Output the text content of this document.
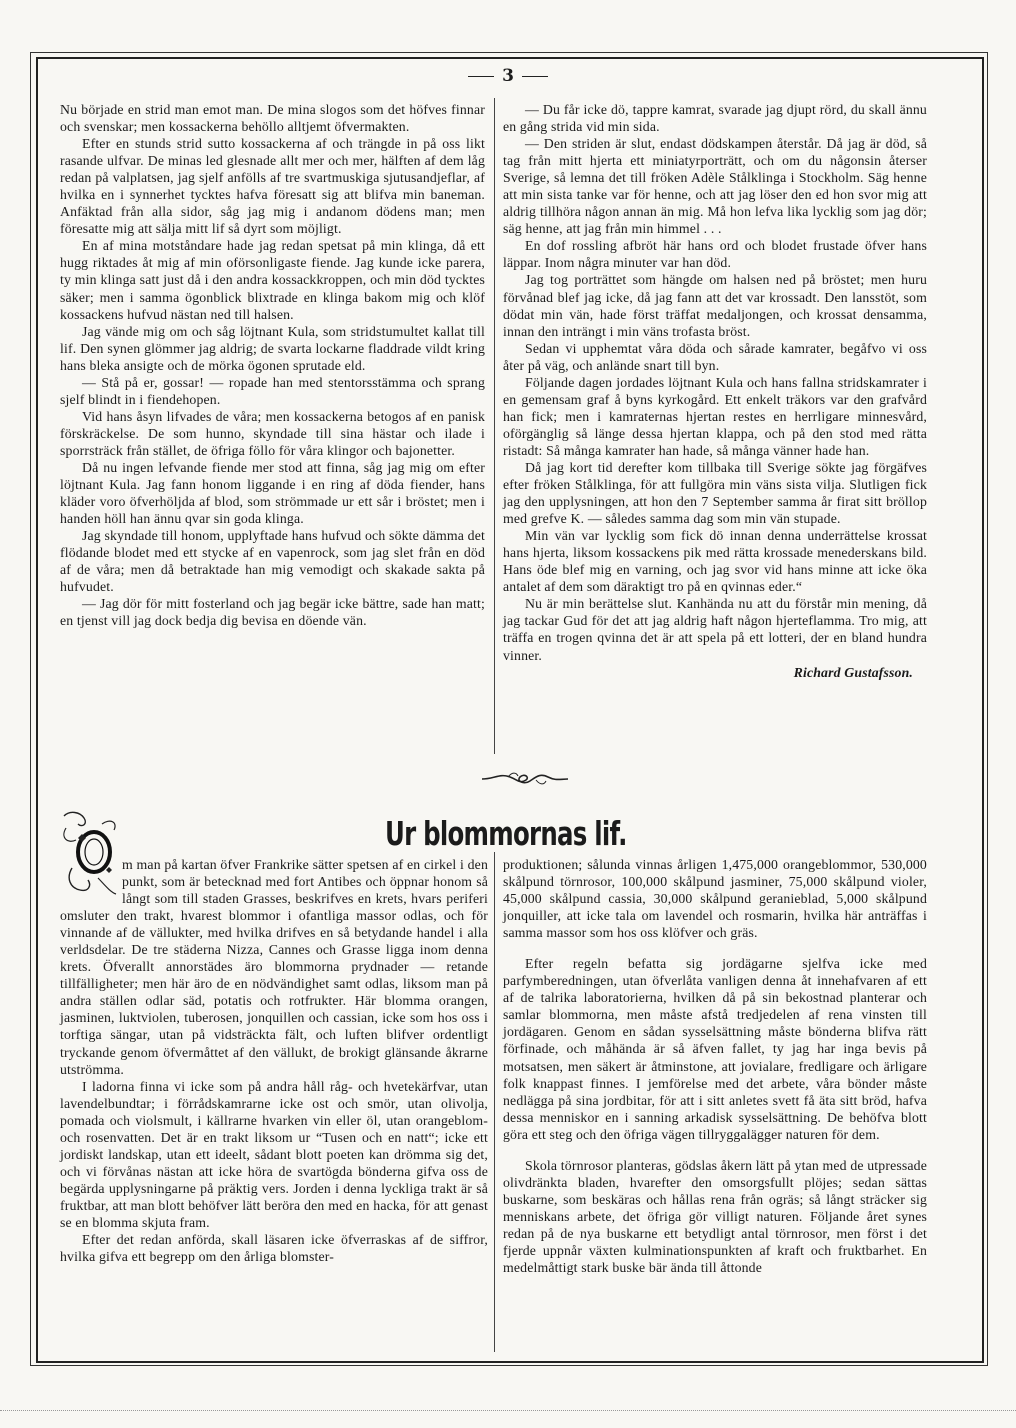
3

Nu började en strid man emot man. De mina slogos som det höfves finnar och svenskar; men kossackerna behöllo alltjemt öfvermakten.

Efter en stunds strid sutto kossackerna af och trängde in på oss likt rasande ulfvar. De minas led glesnade allt mer och mer, hälften af dem låg redan på valplatsen, jag sjelf anfölls af tre svartmuskiga sjutusandjeflar, af hvilka en i synnerhet tycktes hafva föresatt sig att blifva min baneman. Anfäktad från alla sidor, såg jag mig i andanom dödens man; men föresatte mig att sälja mitt lif så dyrt som möjligt.

En af mina motståndare hade jag redan spetsat på min klinga, då ett hugg riktades åt mig af min oförsonligaste fiende. Jag kunde icke parera, ty min klinga satt just då i den andra kossackkroppen, och min död tycktes säker; men i samma ögonblick blixtrade en klinga bakom mig och klöf kossackens hufvud nästan ned till halsen.

Jag vände mig om och såg löjtnant Kula, som stridstumultet kallat till lif. Den synen glömmer jag aldrig; de svarta lockarne fladdrade vildt kring hans bleka ansigte och de mörka ögonen sprutade eld.

— Stå på er, gossar! — ropade han med stentorsstämma och sprang sjelf blindt in i fiendehopen.

Vid hans åsyn lifvades de våra; men kossackerna betogos af en panisk förskräckelse. De som hunno, skyndade till sina hästar och ilade i sporrsträck från stället, de öfriga föllo för våra klingor och bajonetter.

Då nu ingen lefvande fiende mer stod att finna, såg jag mig om efter löjtnant Kula. Jag fann honom liggande i en ring af döda fiender, hans kläder voro öfverhöljda af blod, som strömmade ur ett sår i bröstet; men i handen höll han ännu qvar sin goda klinga.

Jag skyndade till honom, upplyftade hans hufvud och sökte dämma det flödande blodet med ett stycke af en vapenrock, som jag slet från en död af de våra; men då betraktade han mig vemodigt och skakade sakta på hufvudet.

— Jag dör för mitt fosterland och jag begär icke bättre, sade han matt; en tjenst vill jag dock bedja dig bevisa en döende vän.

— Du får icke dö, tappre kamrat, svarade jag djupt rörd, du skall ännu en gång strida vid min sida.

— Den striden är slut, endast dödskampen återstår. Då jag är död, så tag från mitt hjerta ett miniatyrporträtt, och om du någonsin återser Sverige, så lemna det till fröken Adèle Stålklinga i Stockholm. Säg henne att min sista tanke var för henne, och att jag löser den ed hon svor mig att aldrig tillhöra någon annan än mig. Må hon lefva lika lycklig som jag dör; säg henne, att jag från min himmel . . .

En dof rossling afbröt här hans ord och blodet frustade öfver hans läppar. Inom några minuter var han död.

Jag tog porträttet som hängde om halsen ned på bröstet; men huru förvånad blef jag icke, då jag fann att det var krossadt. Den lansstöt, som dödat min vän, hade först träffat medaljongen, och krossat densamma, innan den inträngt i min väns trofasta bröst.

Sedan vi upphemtat våra döda och sårade kamrater, begåfvo vi oss åter på väg, och anlände snart till byn.

Följande dagen jordades löjtnant Kula och hans fallna stridskamrater i en gemensam graf å byns kyrkogård. Ett enkelt träkors var den grafvård han fick; men i kamraternas hjertan restes en herrligare minnesvård, oförgänglig så länge dessa hjertan klappa, och på den stod med rätta ristadt: Så många kamrater han hade, så många vänner hade han.

Då jag kort tid derefter kom tillbaka till Sverige sökte jag förgäfves efter fröken Stålklinga, för att fullgöra min väns sista vilja. Slutligen fick jag den upplysningen, att hon den 7 September samma år firat sitt bröllop med grefve K. — således samma dag som min vän stupade.

Min vän var lycklig som fick dö innan denna underrättelse krossat hans hjerta, liksom kossackens pik med rätta krossade menederskans bild. Hans öde blef mig en varning, och jag svor vid hans minne att icke öka antalet af dem som däraktigt tro på en qvinnas eder.“

Nu är min berättelse slut. Kanhända nu att du förstår min mening, då jag tackar Gud för det att jag aldrig haft någon hjerteflamma. Tro mig, att träffa en trogen qvinna det är att spela på ett lotteri, der en bland hundra vinner.

Richard Gustafsson.
Ur blommornas lif.

m man på kartan öfver Frankrike sätter spetsen af en cirkel i den punkt, som är betecknad med fort Antibes och öppnar honom så långt som till staden Grasses, beskrifves en krets, hvars periferi omsluter den trakt, hvarest blommor i ofantliga massor odlas, och för vinnande af de vällukter, med hvilka drifves en så betydande handel i alla verldsdelar. De tre städerna Nizza, Cannes och Grasse ligga inom denna krets. Öfverallt annorstädes äro blommorna prydnader — retande tillfälligheter; men här äro de en nödvändighet samt odlas, liksom man på andra ställen odlar säd, potatis och rotfrukter. Här blomma orangen, jasminen, luktviolen, tuberosen, jonquillen och cassian, icke som hos oss i torftiga sängar, utan på vidsträckta fält, och luften blifver ordentligt tryckande genom öfvermåttet af den vällukt, de brokigt glänsande åkrarne utströmma.

I ladorna finna vi icke som på andra håll råg- och hvetekärfvar, utan lavendelbundtar; i förrådskamrarne icke ost och smör, utan olivolja, pomada och violsmult, i källrarne hvarken vin eller öl, utan orangeblom- och rosenvatten. Det är en trakt liksom ur “Tusen och en natt“; icke ett jordiskt landskap, utan ett ideelt, sådant blott poeten kan drömma sig det, och vi förvånas nästan att icke höra de svartögda bönderna gifva oss de begärda upplysningarne på präktig vers. Jorden i denna lyckliga trakt är så fruktbar, att man blott behöfver lätt beröra den med en hacka, för att genast se en blomma skjuta fram.

Efter det redan anförda, skall läsaren icke öfverraskas af de siffror, hvilka gifva ett begrepp om den årliga blomster-

produktionen; sålunda vinnas årligen 1,475,000 orangeblommor, 530,000 skålpund törnrosor, 100,000 skålpund jasminer, 75,000 skålpund violer, 45,000 skålpund cassia, 30,000 skålpund geranieblad, 5,000 skålpund jonquiller, att icke tala om lavendel och rosmarin, hvilka här anträffas i samma massor som hos oss klöfver och gräs.

Efter regeln befatta sig jordägarne sjelfva icke med parfymberedningen, utan öfverlåta vanligen denna åt innehafvaren af ett af de talrika laboratorierna, hvilken då på sin bekostnad planterar och samlar blommorna, men måste afstå tredjedelen af rena vinsten till jordägaren. Genom en sådan sysselsättning måste bönderna blifva rätt förfinade, och måhända är så äfven fallet, ty jag har inga bevis på motsatsen, men säkert är åtminstone, att jovialare, fredligare och ärligare folk knappast finnes. I jemförelse med det arbete, våra bönder måste nedlägga på sina jordbitar, för att i sitt anletes svett få äta sitt bröd, hafva dessa menniskor en i sanning arkadisk sysselsättning. De behöfva blott göra ett steg och den öfriga vägen tillryggalägger naturen för dem.

Skola törnrosor planteras, gödslas åkern lätt på ytan med de utpressade olivdränkta bladen, hvarefter den omsorgsfullt plöjes; sedan sättas buskarne, som beskäras och hållas rena från ogräs; så långt sträcker sig menniskans arbete, det öfriga gör villigt naturen. Följande året synes redan på de nya buskarne ett betydligt antal törnrosor, men först i det fjerde uppnår växten kulminationspunkten af kraft och fruktbarhet. En medelmåttigt stark buske bär ända till åttonde
